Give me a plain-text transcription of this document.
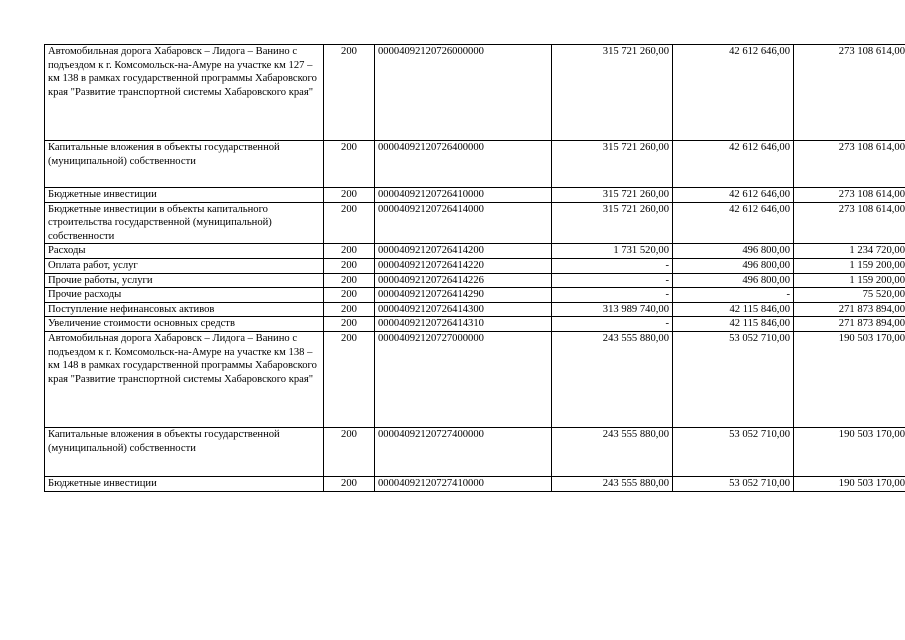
Автомобильная дорога Хабаровск – Лидога – Ванино с подъездом к г. Комсомольск-на-Амуре на участке км 127 – км 138 в рамках государственной программы Хабаровского края "Развитие транспортной системы Хабаровского края"	200	00004092120726000000	315 721 260,00	42 612 646,00	273 108 614,00
Капитальные вложения в объекты государственной (муниципальной) собственности	200	00004092120726400000	315 721 260,00	42 612 646,00	273 108 614,00
Бюджетные инвестиции	200	00004092120726410000	315 721 260,00	42 612 646,00	273 108 614,00
Бюджетные инвестиции в объекты капитального строительства государственной (муниципальной) собственности	200	00004092120726414000	315 721 260,00	42 612 646,00	273 108 614,00
Расходы	200	00004092120726414200	1 731 520,00	496 800,00	1 234 720,00
Оплата работ, услуг	200	00004092120726414220	-	496 800,00	1 159 200,00
Прочие работы, услуги	200	00004092120726414226	-	496 800,00	1 159 200,00
Прочие расходы	200	00004092120726414290	-	-	75 520,00
Поступление нефинансовых активов	200	00004092120726414300	313 989 740,00	42 115 846,00	271 873 894,00
Увеличение стоимости основных средств	200	00004092120726414310	-	42 115 846,00	271 873 894,00
Автомобильная дорога Хабаровск – Лидога – Ванино с подъездом к г. Комсомольск-на-Амуре на участке км 138 – км 148 в рамках государственной программы Хабаровского края "Развитие транспортной системы Хабаровского края"	200	00004092120727000000	243 555 880,00	53 052 710,00	190 503 170,00
Капитальные вложения в объекты государственной (муниципальной) собственности	200	00004092120727400000	243 555 880,00	53 052 710,00	190 503 170,00
Бюджетные инвестиции	200	00004092120727410000	243 555 880,00	53 052 710,00	190 503 170,00
